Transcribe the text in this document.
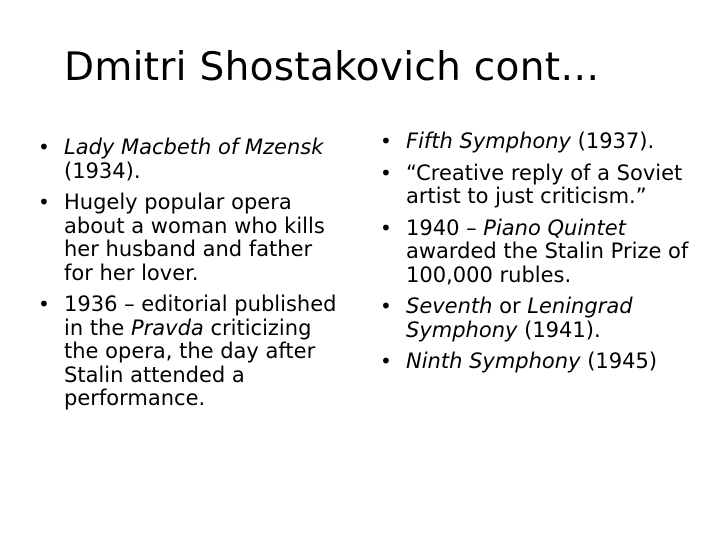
Dmitri Shostakovich cont…
• Lady Macbeth of Mzensk (1934).
• Hugely popular opera about a woman who kills her husband and father for her lover.
• 1936 – editorial published in the Pravda criticizing the opera, the day after Stalin attended a performance.
• Fifth Symphony (1937).
• “Creative reply of a Soviet artist to just criticism.”
• 1940 – Piano Quintet awarded the Stalin Prize of 100,000 rubles.
• Seventh or Leningrad Symphony (1941).
• Ninth Symphony (1945)
